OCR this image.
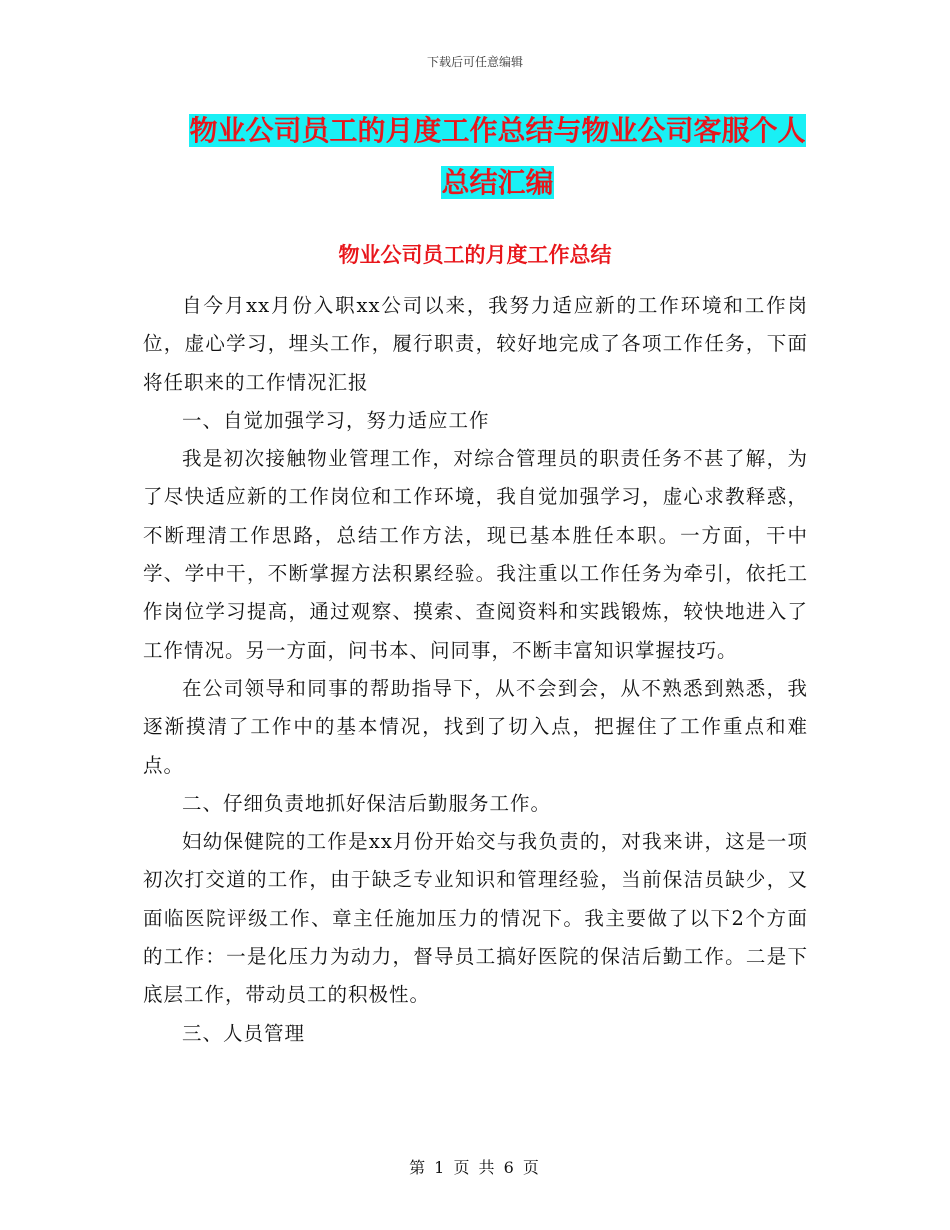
下载后可任意编辑
物业公司员工的月度工作总结与物业公司客服个人总结汇编
物业公司员工的月度工作总结

自今月xx月份入职xx公司以来，我努力适应新的工作环境和工作岗位，虚心学习，埋头工作，履行职责，较好地完成了各项工作任务，下面将任职来的工作情况汇报

一、自觉加强学习，努力适应工作

我是初次接触物业管理工作，对综合管理员的职责任务不甚了解，为了尽快适应新的工作岗位和工作环境，我自觉加强学习，虚心求教释惑，不断理清工作思路，总结工作方法，现已基本胜任本职。一方面，干中学、学中干，不断掌握方法积累经验。我注重以工作任务为牵引，依托工作岗位学习提高，通过观察、摸索、查阅资料和实践锻炼，较快地进入了工作情况。另一方面，问书本、问同事，不断丰富知识掌握技巧。

在公司领导和同事的帮助指导下，从不会到会，从不熟悉到熟悉，我逐渐摸清了工作中的基本情况，找到了切入点，把握住了工作重点和难点。

二、仔细负责地抓好保洁后勤服务工作。

妇幼保健院的工作是xx月份开始交与我负责的，对我来讲，这是一项初次打交道的工作，由于缺乏专业知识和管理经验，当前保洁员缺少，又面临医院评级工作、章主任施加压力的情况下。我主要做了以下2个方面的工作：一是化压力为动力，督导员工搞好医院的保洁后勤工作。二是下底层工作，带动员工的积极性。

三、人员管理

第 1 页 共 6 页
